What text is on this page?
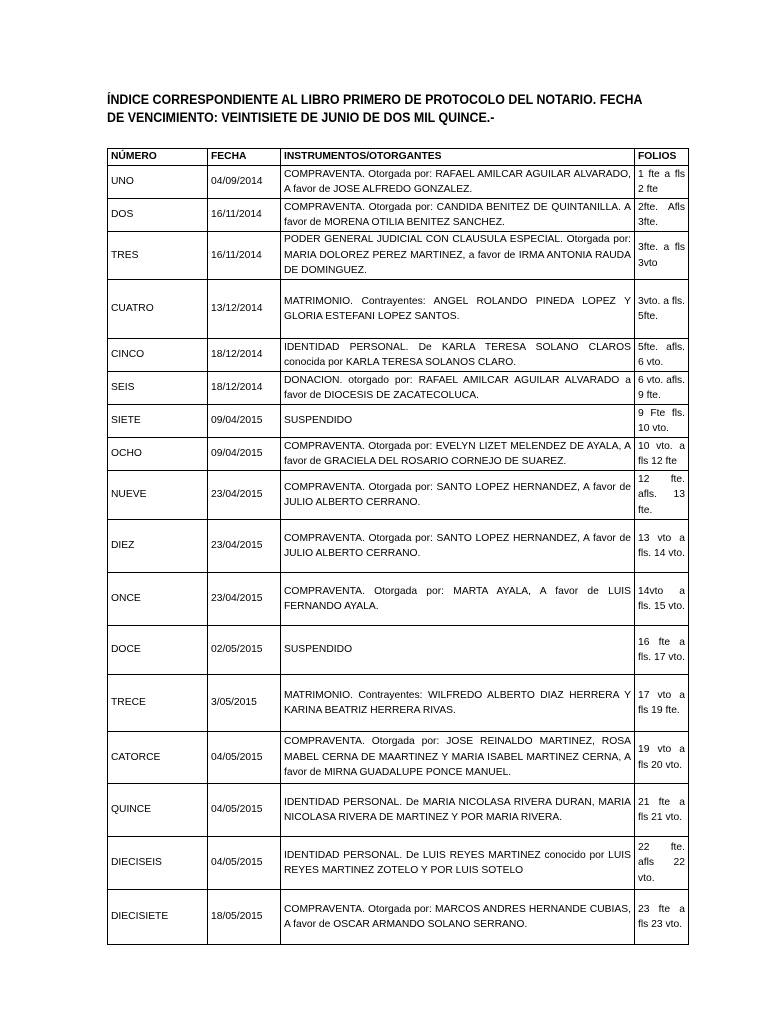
ÍNDICE CORRESPONDIENTE AL LIBRO PRIMERO DE PROTOCOLO DEL NOTARIO. FECHA
DE VENCIMIENTO: VEINTISIETE DE JUNIO DE DOS MIL QUINCE.-
NÚMERO	FECHA	INSTRUMENTOS/OTORGANTES	FOLIOS
UNO	04/09/2014	COMPRAVENTA. Otorgada por: RAFAEL AMILCAR AGUILAR ALVARADO, A favor de JOSE ALFREDO GONZALEZ.	1 fte a fls 2 fte
DOS	16/11/2014	COMPRAVENTA. Otorgada por: CANDIDA BENITEZ DE QUINTANILLA. A favor de MORENA OTILIA BENITEZ SANCHEZ.	2fte. Afls 3fte.
TRES	16/11/2014	PODER GENERAL JUDICIAL CON CLAUSULA ESPECIAL. Otorgada por: MARIA DOLOREZ PEREZ MARTINEZ, a favor de IRMA ANTONIA RAUDA DE DOMINGUEZ.	3fte. a fls 3vto
CUATRO	13/12/2014	MATRIMONIO. Contrayentes: ANGEL ROLANDO PINEDA LOPEZ Y GLORIA ESTEFANI LOPEZ SANTOS.	3vto. a fls. 5fte.
CINCO	18/12/2014	IDENTIDAD PERSONAL. De KARLA TERESA SOLANO CLAROS conocida por KARLA TERESA SOLANOS CLARO.	5fte. afls. 6 vto.
SEIS	18/12/2014	DONACION. otorgado por: RAFAEL AMILCAR AGUILAR ALVARADO a favor de DIOCESIS DE ZACATECOLUCA.	6 vto. afls. 9 fte.
SIETE	09/04/2015	SUSPENDIDO	9 Fte fls. 10 vto.
OCHO	09/04/2015	COMPRAVENTA. Otorgada por: EVELYN LIZET MELENDEZ DE AYALA, A favor de GRACIELA DEL ROSARIO CORNEJO DE SUAREZ.	10 vto. a fls 12 fte
NUEVE	23/04/2015	COMPRAVENTA. Otorgada por: SANTO LOPEZ HERNANDEZ, A favor de JULIO ALBERTO CERRANO.	12 fte. afls. 13 fte.
DIEZ	23/04/2015	COMPRAVENTA. Otorgada por: SANTO LOPEZ HERNANDEZ, A favor de JULIO ALBERTO CERRANO.	13 vto a fls. 14 vto.
ONCE	23/04/2015	COMPRAVENTA. Otorgada por: MARTA AYALA, A favor de LUIS FERNANDO AYALA.	14vto a fls. 15 vto.
DOCE	02/05/2015	SUSPENDIDO	16 fte a fls. 17 vto.
TRECE	3/05/2015	MATRIMONIO. Contrayentes: WILFREDO ALBERTO DIAZ HERRERA Y KARINA BEATRIZ HERRERA RIVAS.	17 vto a fls 19 fte.
CATORCE	04/05/2015	COMPRAVENTA. Otorgada por: JOSE REINALDO MARTINEZ, ROSA MABEL CERNA DE MAARTINEZ Y MARIA ISABEL MARTINEZ CERNA, A favor de MIRNA GUADALUPE PONCE MANUEL.	19 vto a fls 20 vto.
QUINCE	04/05/2015	IDENTIDAD PERSONAL. De MARIA NICOLASA RIVERA DURAN, MARIA NICOLASA RIVERA DE MARTINEZ Y POR MARIA RIVERA.	21 fte a fls 21 vto.
DIECISEIS	04/05/2015	IDENTIDAD PERSONAL. De LUIS REYES MARTINEZ conocido por LUIS REYES MARTINEZ ZOTELO Y POR LUIS SOTELO	22 fte. afls 22 vto.
DIECISIETE	18/05/2015	COMPRAVENTA. Otorgada por: MARCOS ANDRES HERNANDE CUBIAS, A favor de OSCAR ARMANDO SOLANO SERRANO.	23 fte a fls 23 vto.
